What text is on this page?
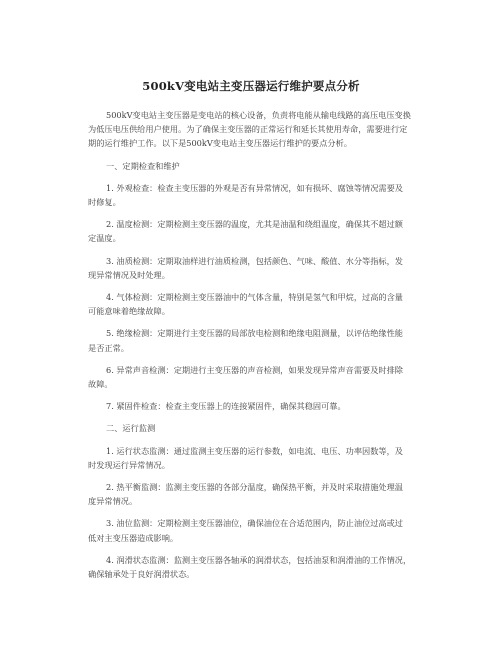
500kV变电站主变压器运行维护要点分析
500kV变电站主变压器是变电站的核心设备，负责将电能从输电线路的高压电压变换
为低压电压供给用户使用。为了确保主变压器的正常运行和延长其使用寿命，需要进行定
期的运行维护工作。以下是500kV变电站主变压器运行维护的要点分析。
一、定期检查和维护
1. 外观检查：检查主变压器的外观是否有异常情况，如有损坏、腐蚀等情况需要及
时修复。
2. 温度检测：定期检测主变压器的温度，尤其是油温和绕组温度，确保其不超过额
定温度。
3. 油质检测：定期取油样进行油质检测，包括颜色、气味、酸值、水分等指标，发
现异常情况及时处理。
4. 气体检测：定期检测主变压器油中的气体含量，特别是氢气和甲烷，过高的含量
可能意味着绝缘故障。
5. 绝缘检测：定期进行主变压器的局部放电检测和绝缘电阻测量，以评估绝缘性能
是否正常。
6. 异常声音检测：定期进行主变压器的声音检测，如果发现异常声音需要及时排除
故障。
7. 紧固件检查：检查主变压器上的连接紧固件，确保其稳固可靠。
二、运行监测
1. 运行状态监测：通过监测主变压器的运行参数，如电流、电压、功率因数等，及
时发现运行异常情况。
2. 热平衡监测：监测主变压器的各部分温度，确保热平衡，并及时采取措施处理温
度异常情况。
3. 油位监测：定期检测主变压器油位，确保油位在合适范围内，防止油位过高或过
低对主变压器造成影响。
4. 润滑状态监测：监测主变压器各轴承的润滑状态，包括油泵和润滑油的工作情况，
确保轴承处于良好润滑状态。
